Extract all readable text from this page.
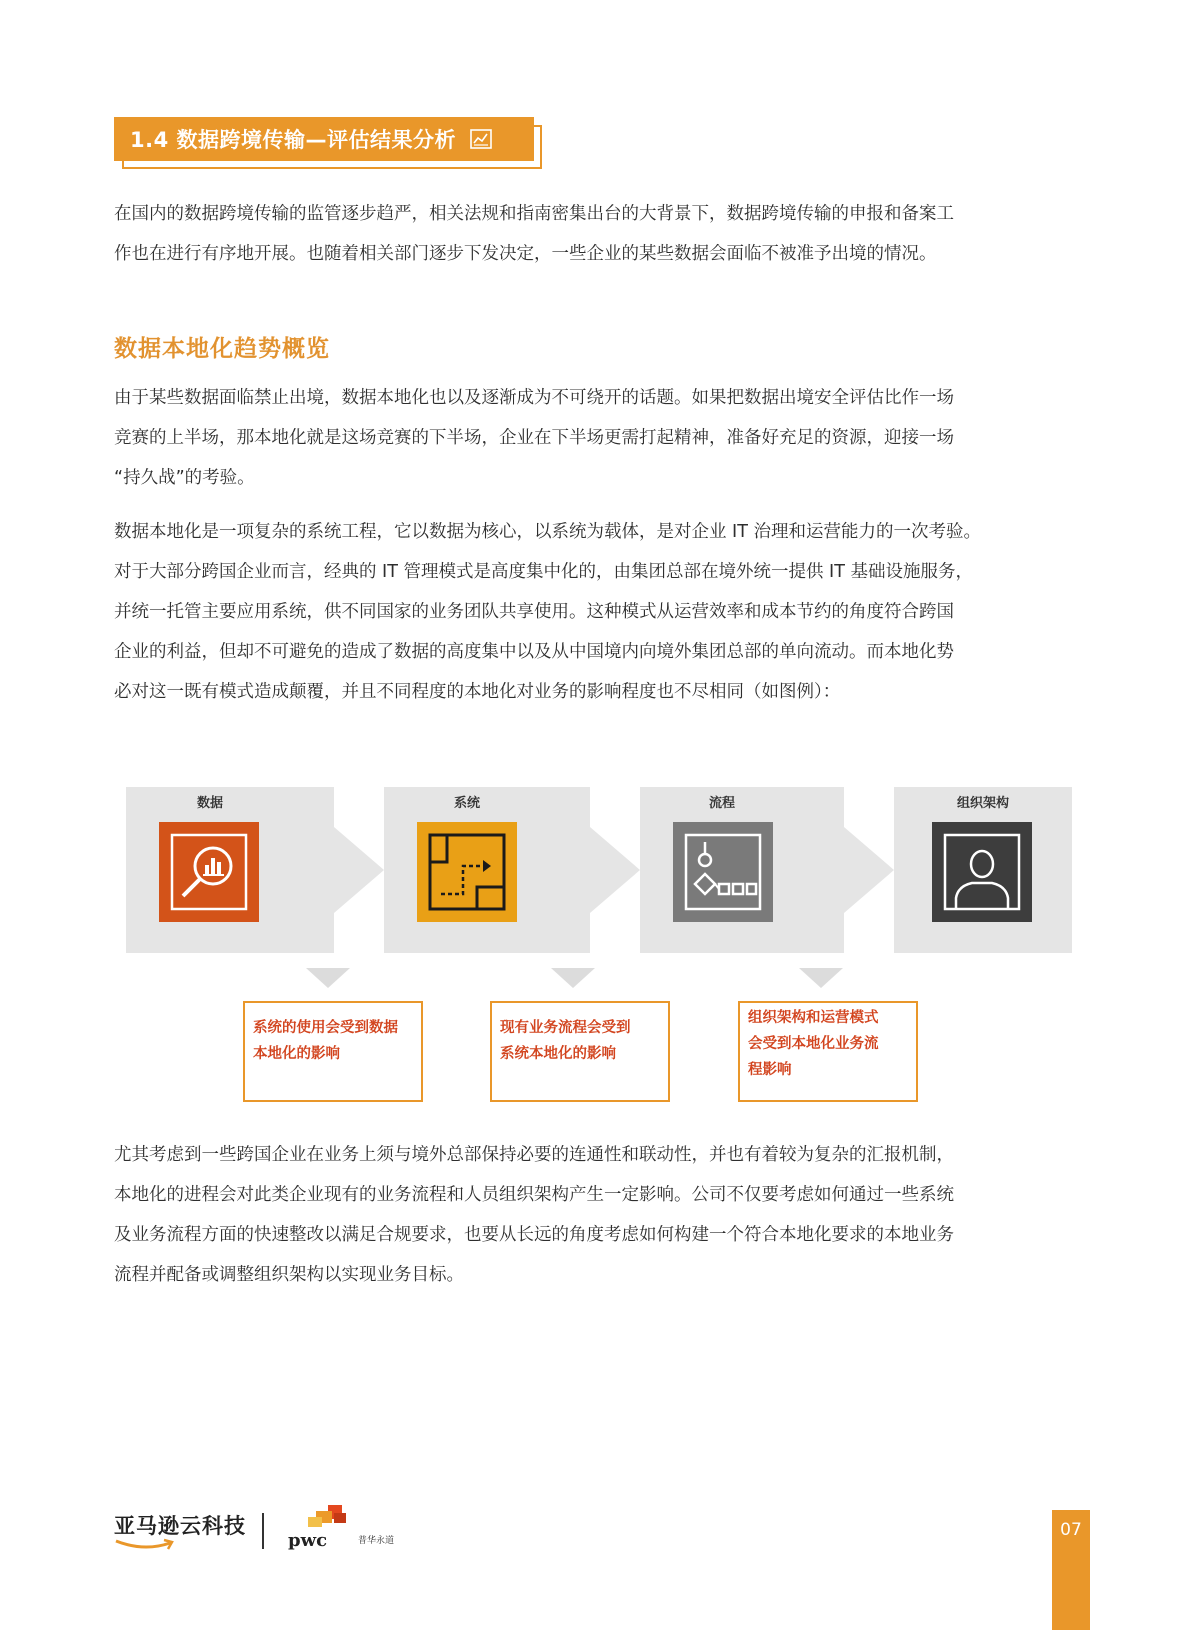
1.4 数据跨境传输—评估结果分析
在国内的数据跨境传输的监管逐步趋严，相关法规和指南密集出台的大背景下，数据跨境传输的申报和备案工
作也在进行有序地开展。也随着相关部门逐步下发决定，一些企业的某些数据会面临不被准予出境的情况。
数据本地化趋势概览
由于某些数据面临禁止出境，数据本地化也以及逐渐成为不可绕开的话题。如果把数据出境安全评估比作一场
竞赛的上半场，那本地化就是这场竞赛的下半场，企业在下半场更需打起精神，准备好充足的资源，迎接一场
“持久战”的考验。
数据本地化是一项复杂的系统工程，它以数据为核心，以系统为载体，是对企业 IT 治理和运营能力的一次考验。
对于大部分跨国企业而言，经典的 IT 管理模式是高度集中化的，由集团总部在境外统一提供 IT 基础设施服务，
并统一托管主要应用系统，供不同国家的业务团队共享使用。这种模式从运营效率和成本节约的角度符合跨国
企业的利益，但却不可避免的造成了数据的高度集中以及从中国境内向境外集团总部的单向流动。而本地化势
必对这一既有模式造成颠覆，并且不同程度的本地化对业务的影响程度也不尽相同（如图例）：
数据	系统	流程	组织架构
系统的使用会受到数据
本地化的影响
现有业务流程会受到
系统本地化的影响
组织架构和运营模式
会受到本地化业务流
程影响
尤其考虑到一些跨国企业在业务上须与境外总部保持必要的连通性和联动性，并也有着较为复杂的汇报机制，
本地化的进程会对此类企业现有的业务流程和人员组织架构产生一定影响。公司不仅要考虑如何通过一些系统
及业务流程方面的快速整改以满足合规要求，也要从长远的角度考虑如何构建一个符合本地化要求的本地业务
流程并配备或调整组织架构以实现业务目标。
亚马逊云科技
pwc	普华永道
07
